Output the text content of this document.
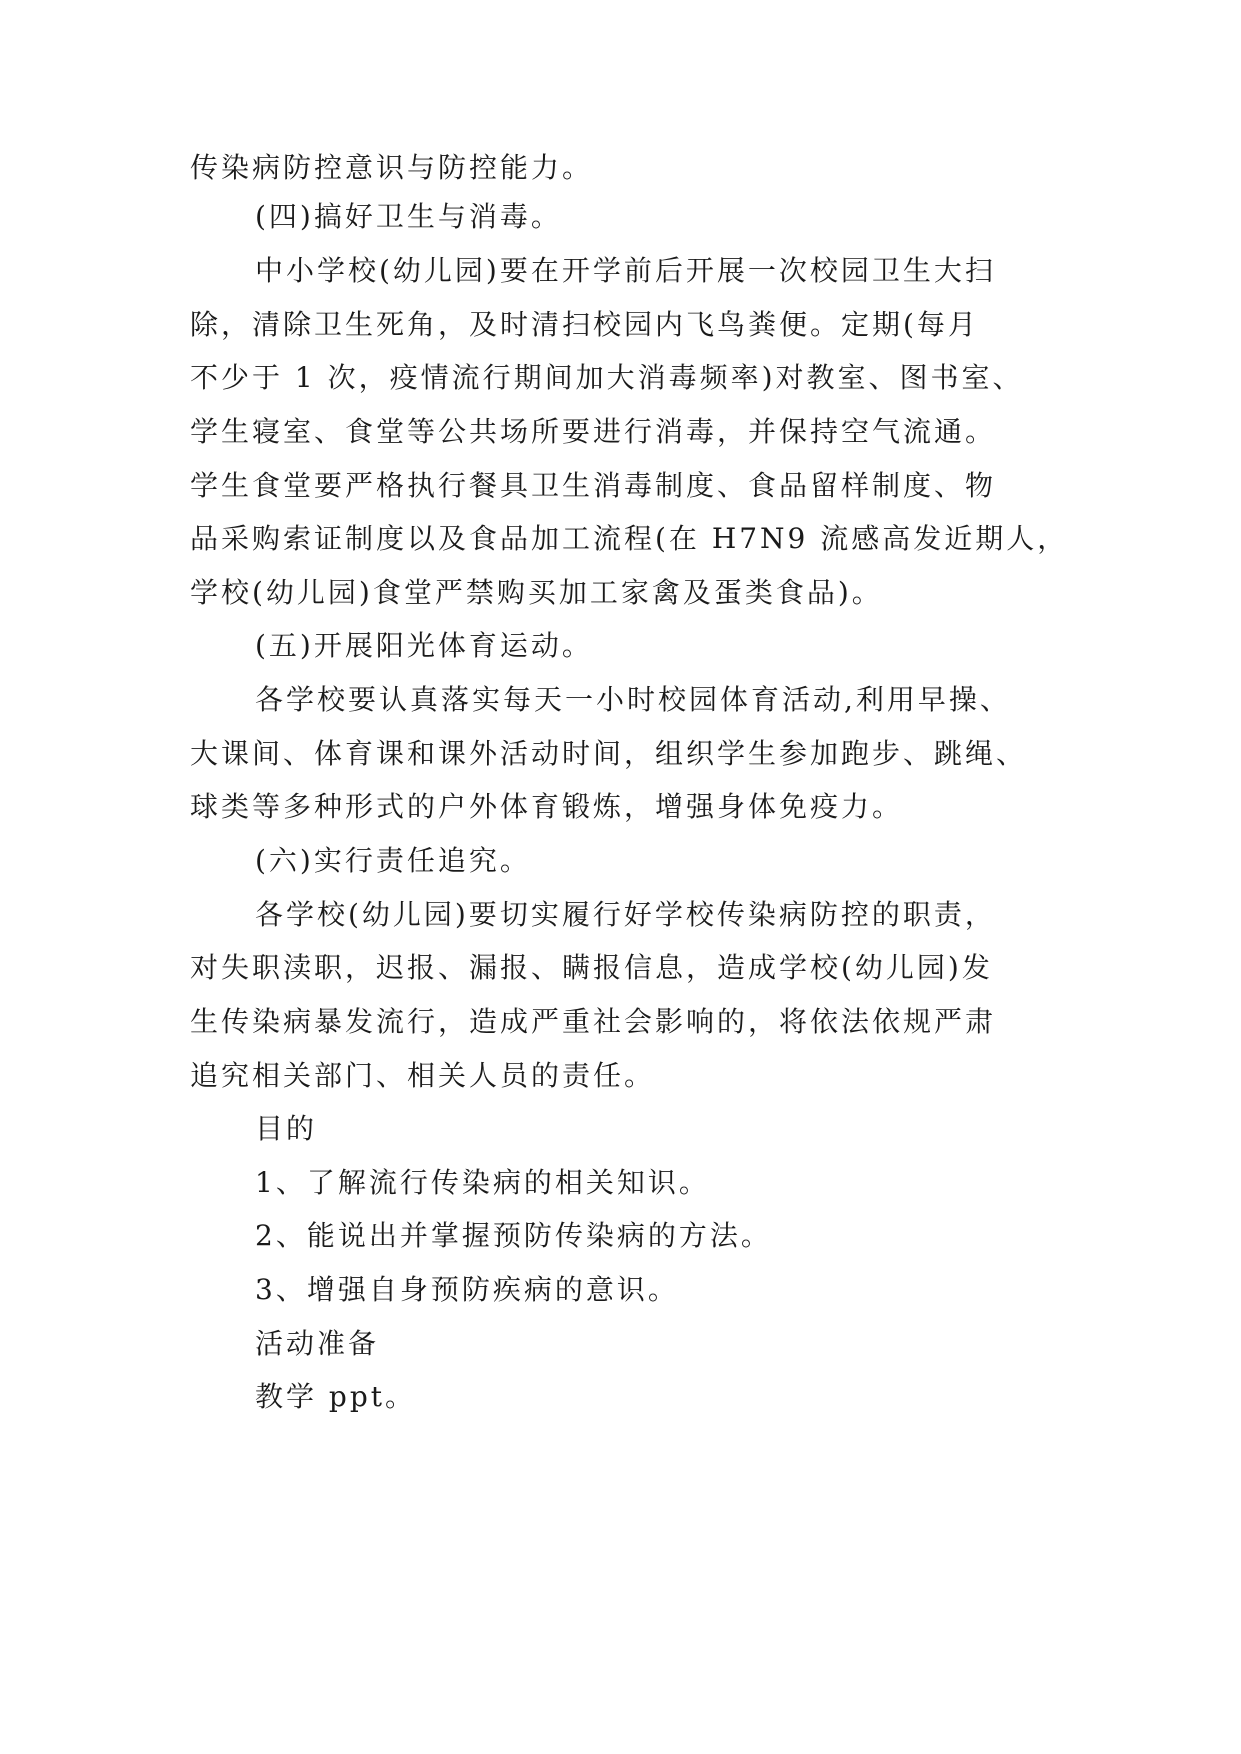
传染病防控意识与防控能力。
(四)搞好卫生与消毒。
中小学校(幼儿园)要在开学前后开展一次校园卫生大扫
除，清除卫生死角，及时清扫校园内飞鸟粪便。定期(每月
不少于 1 次，疫情流行期间加大消毒频率)对教室、图书室、
学生寝室、食堂等公共场所要进行消毒，并保持空气流通。
学生食堂要严格执行餐具卫生消毒制度、食品留样制度、物
品采购索证制度以及食品加工流程(在 H7N9 流感高发近期人，
学校(幼儿园)食堂严禁购买加工家禽及蛋类食品)。
(五)开展阳光体育运动。
各学校要认真落实每天一小时校园体育活动,利用早操、
大课间、体育课和课外活动时间，组织学生参加跑步、跳绳、
球类等多种形式的户外体育锻炼，增强身体免疫力。
(六)实行责任追究。
各学校(幼儿园)要切实履行好学校传染病防控的职责，
对失职渎职，迟报、漏报、瞒报信息，造成学校(幼儿园)发
生传染病暴发流行，造成严重社会影响的，将依法依规严肃
追究相关部门、相关人员的责任。
目的
1、了解流行传染病的相关知识。
2、能说出并掌握预防传染病的方法。
3、增强自身预防疾病的意识。
活动准备
教学 ppt。
